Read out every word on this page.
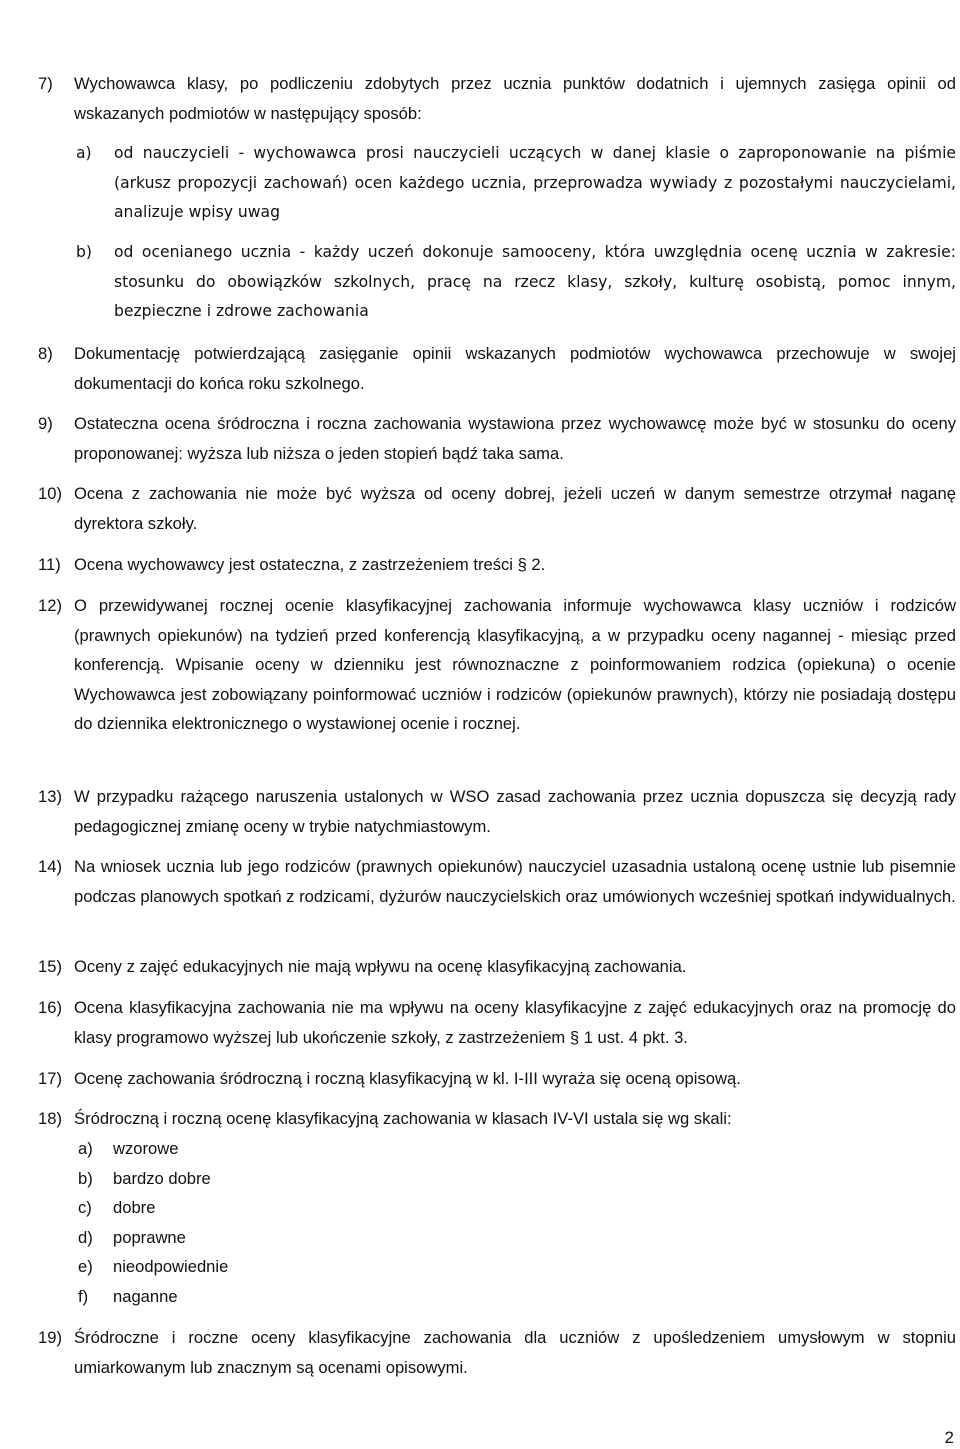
7) Wychowawca klasy, po podliczeniu zdobytych przez ucznia punktów dodatnich i ujemnych zasięga opinii od wskazanych podmiotów w następujący sposób:
a) od nauczycieli - wychowawca prosi nauczycieli uczących w danej klasie o zaproponowanie na piśmie (arkusz propozycji zachowań) ocen każdego ucznia, przeprowadza wywiady z pozostałymi nauczycielami, analizuje wpisy uwag
b) od ocenianego ucznia - każdy uczeń dokonuje samooceny, która uwzględnia ocenę ucznia w zakresie: stosunku do obowiązków szkolnych, pracę na rzecz klasy, szkoły, kulturę osobistą, pomoc innym, bezpieczne i zdrowe zachowania
8) Dokumentację potwierdzającą zasięganie opinii wskazanych podmiotów wychowawca przechowuje w swojej dokumentacji do końca roku szkolnego.
9) Ostateczna ocena śródroczna i roczna zachowania wystawiona przez wychowawcę może być w stosunku do oceny proponowanej: wyższa lub niższa o jeden stopień bądź taka sama.
10) Ocena z zachowania nie może być wyższa od oceny dobrej, jeżeli uczeń w danym semestrze otrzymał naganę dyrektora szkoły.
11) Ocena wychowawcy jest ostateczna, z zastrzeżeniem treści § 2.
12) O przewidywanej rocznej ocenie klasyfikacyjnej zachowania informuje wychowawca klasy uczniów i rodziców (prawnych opiekunów) na tydzień przed konferencją klasyfikacyjną, a w przypadku oceny nagannej - miesiąc przed konferencją. Wpisanie oceny w dzienniku jest równoznaczne z poinformowaniem rodzica (opiekuna) o ocenie Wychowawca jest zobowiązany poinformować uczniów i rodziców (opiekunów prawnych), którzy nie posiadają dostępu do dziennika elektronicznego o wystawionej ocenie i rocznej.
13) W przypadku rażącego naruszenia ustalonych w WSO zasad zachowania przez ucznia dopuszcza się decyzją rady pedagogicznej zmianę oceny w trybie natychmiastowym.
14) Na wniosek ucznia lub jego rodziców (prawnych opiekunów) nauczyciel uzasadnia ustaloną ocenę ustnie lub pisemnie podczas planowych spotkań z rodzicami, dyżurów nauczycielskich oraz umówionych wcześniej spotkań indywidualnych.
15) Oceny z zajęć edukacyjnych nie mają wpływu na ocenę klasyfikacyjną zachowania.
16) Ocena klasyfikacyjna zachowania nie ma wpływu na oceny klasyfikacyjne z zajęć edukacyjnych oraz na promocję do klasy programowo wyższej lub ukończenie szkoły, z zastrzeżeniem § 1 ust. 4 pkt. 3.
17) Ocenę zachowania śródroczną i roczną klasyfikacyjną w kl. I-III wyraża się oceną opisową.
18) Śródroczną i roczną ocenę klasyfikacyjną zachowania w klasach IV-VI ustala się wg skali:
a) wzorowe
b) bardzo dobre
c) dobre
d) poprawne
e) nieodpowiednie
f) naganne
19) Śródroczne i roczne oceny klasyfikacyjne zachowania dla uczniów z upośledzeniem umysłowym w stopniu umiarkowanym lub znacznym są ocenami opisowymi.
2
